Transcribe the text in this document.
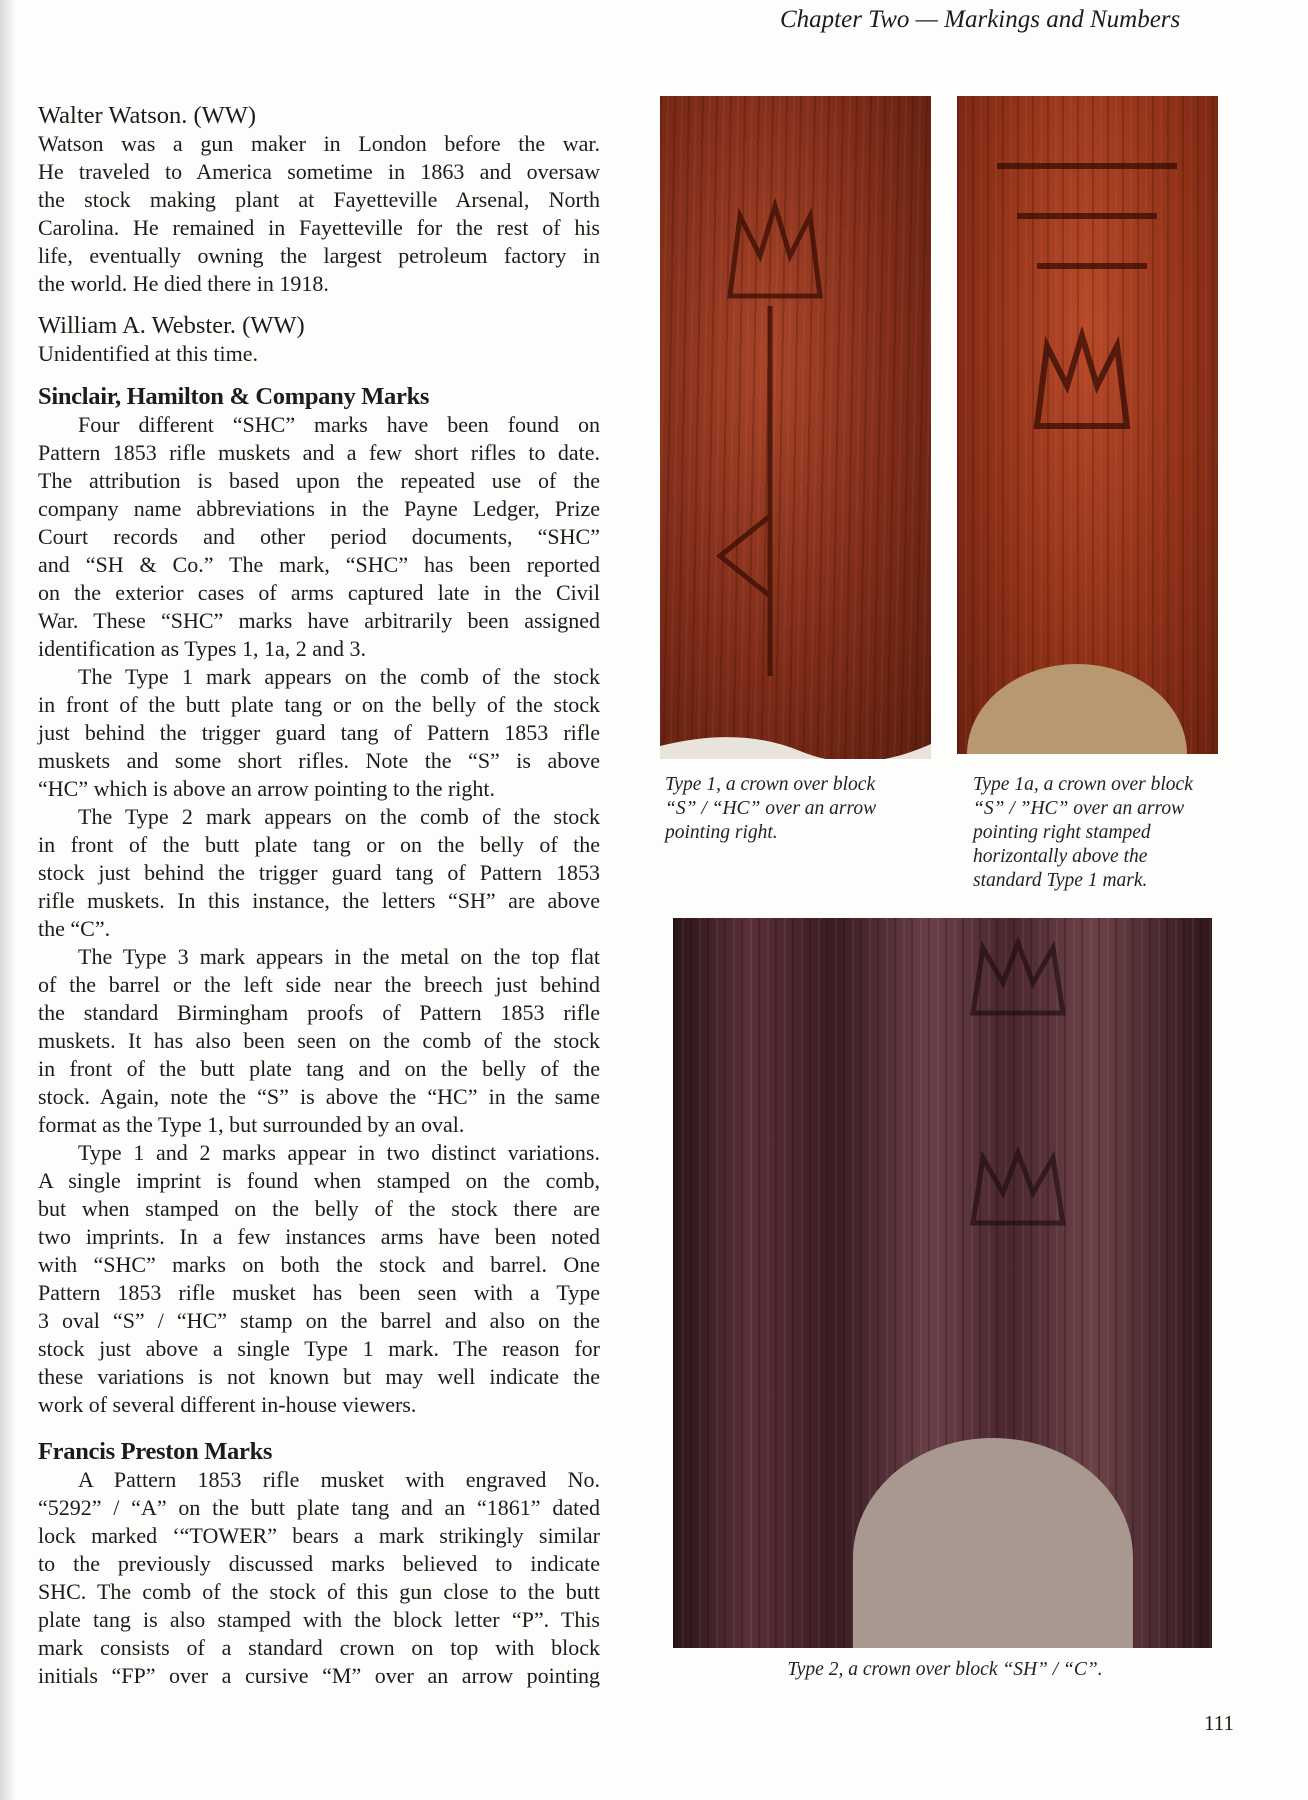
Chapter Two — Markings and Numbers
Walter Watson. (WW)
Watson was a gun maker in London before the war.
He traveled to America sometime in 1863 and oversaw
the stock making plant at Fayetteville Arsenal, North
Carolina. He remained in Fayetteville for the rest of his
life, eventually owning the largest petroleum factory in
the world. He died there in 1918.
William A. Webster. (WW)
Unidentified at this time.
Sinclair, Hamilton & Company Marks
Four different “SHC” marks have been found on
Pattern 1853 rifle muskets and a few short rifles to date.
The attribution is based upon the repeated use of the
company name abbreviations in the Payne Ledger, Prize
Court records and other period documents, “SHC”
and “SH & Co.” The mark, “SHC” has been reported
on the exterior cases of arms captured late in the Civil
War. These “SHC” marks have arbitrarily been assigned
identification as Types 1, 1a, 2 and 3.
The Type 1 mark appears on the comb of the stock
in front of the butt plate tang or on the belly of the stock
just behind the trigger guard tang of Pattern 1853 rifle
muskets and some short rifles. Note the “S” is above
“HC” which is above an arrow pointing to the right.
The Type 2 mark appears on the comb of the stock
in front of the butt plate tang or on the belly of the
stock just behind the trigger guard tang of Pattern 1853
rifle muskets. In this instance, the letters “SH” are above
the “C”.
The Type 3 mark appears in the metal on the top flat
of the barrel or the left side near the breech just behind
the standard Birmingham proofs of Pattern 1853 rifle
muskets. It has also been seen on the comb of the stock
in front of the butt plate tang and on the belly of the
stock. Again, note the “S” is above the “HC” in the same
format as the Type 1, but surrounded by an oval.
Type 1 and 2 marks appear in two distinct variations.
A single imprint is found when stamped on the comb,
but when stamped on the belly of the stock there are
two imprints. In a few instances arms have been noted
with “SHC” marks on both the stock and barrel. One
Pattern 1853 rifle musket has been seen with a Type
3 oval “S” / “HC” stamp on the barrel and also on the
stock just above a single Type 1 mark. The reason for
these variations is not known but may well indicate the
work of several different in-house viewers.
Francis Preston Marks
A Pattern 1853 rifle musket with engraved No.
“5292” / “A” on the butt plate tang and an “1861” dated
lock marked ‘“TOWER” bears a mark strikingly similar
to the previously discussed marks believed to indicate
SHC. The comb of the stock of this gun close to the butt
plate tang is also stamped with the block letter “P”. This
mark consists of a standard crown on top with block
initials “FP” over a cursive “M” over an arrow pointing
Type 1, a crown over block
“S” / “HC” over an arrow
pointing right.
Type 1a, a crown over block
“S” / ”HC” over an arrow
pointing right stamped
horizontally above the
standard Type 1 mark.
Type 2, a crown over block “SH” / “C”.
111
